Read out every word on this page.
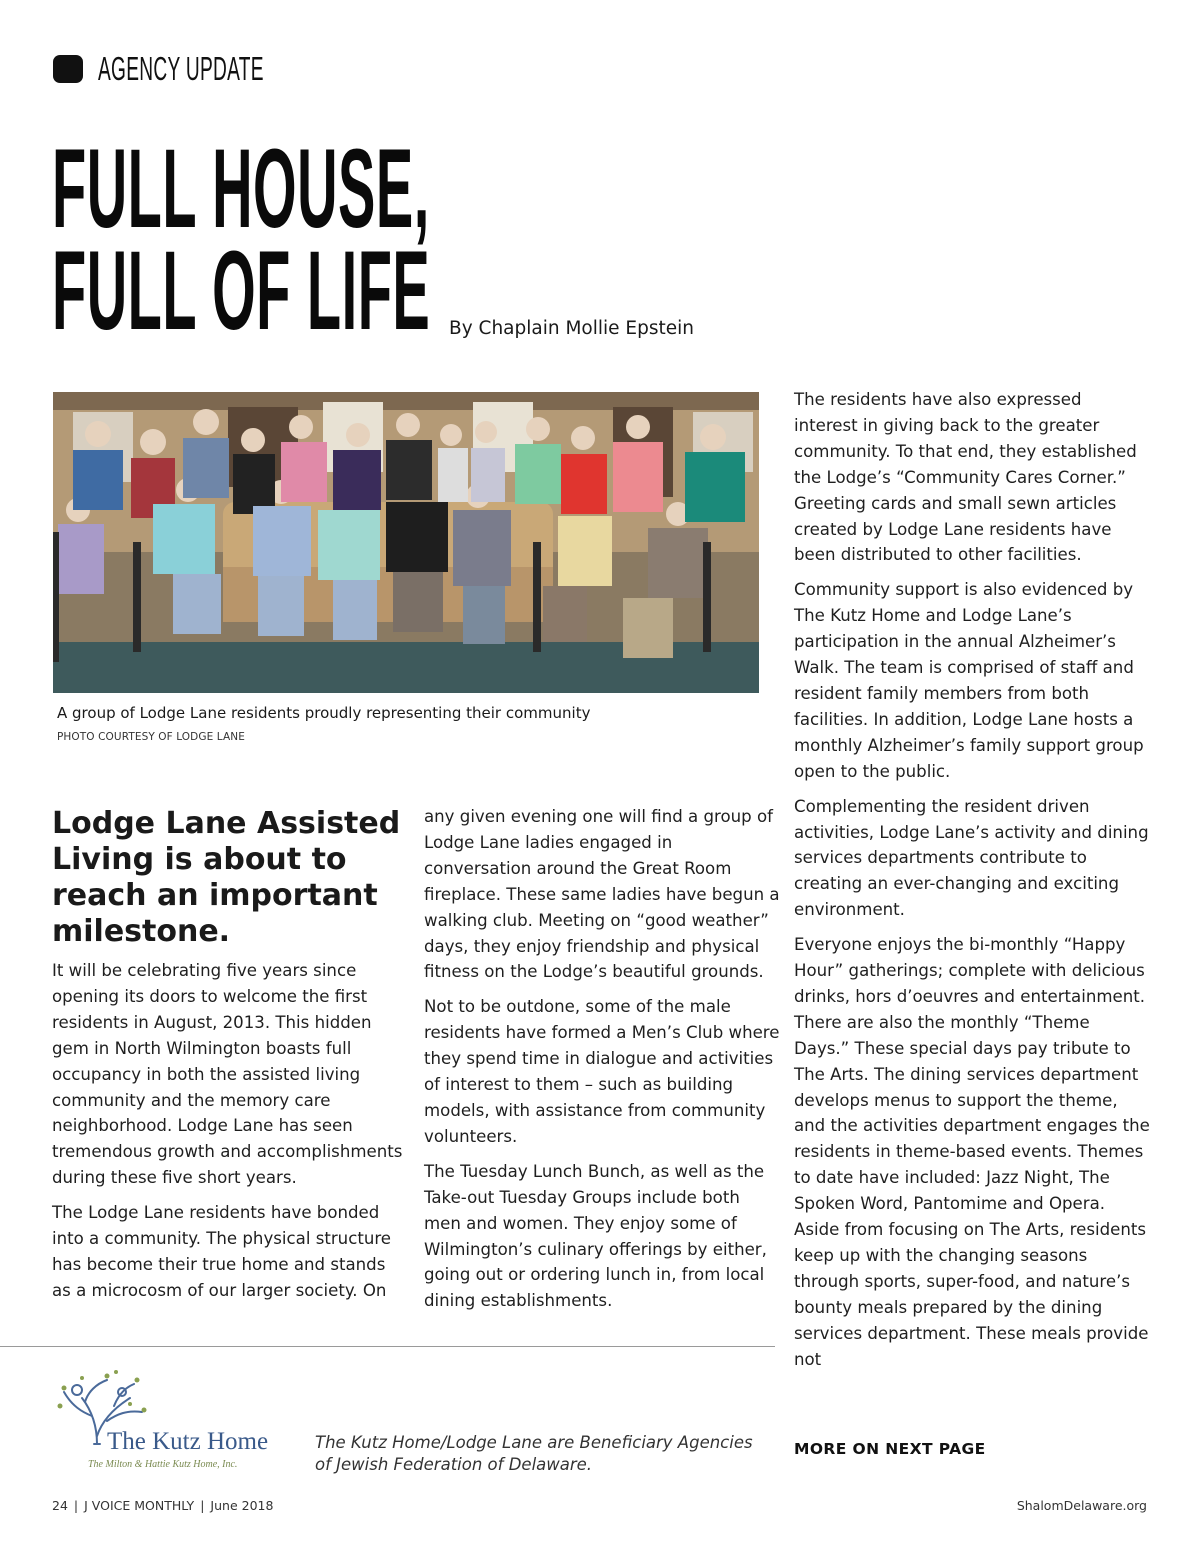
AGENCY UPDATE
FULL HOUSE,
FULL OF LIFE By Chaplain Mollie Epstein
A group of Lodge Lane residents proudly representing their community
PHOTO COURTESY OF LODGE LANE
Lodge Lane Assisted Living is about to reach an important milestone.

It will be celebrating five years since opening its doors to welcome the first residents in August, 2013. This hidden gem in North Wilmington boasts full occupancy in both the assisted living community and the memory care neighborhood. Lodge Lane has seen tremendous growth and accomplishments during these five short years.

The Lodge Lane residents have bonded into a community. The physical structure has become their true home and stands as a microcosm of our larger society. On

any given evening one will find a group of Lodge Lane ladies engaged in conversation around the Great Room fireplace. These same ladies have begun a walking club. Meeting on “good weather” days, they enjoy friendship and physical fitness on the Lodge’s beautiful grounds.

Not to be outdone, some of the male residents have formed a Men’s Club where they spend time in dialogue and activities of interest to them – such as building models, with assistance from community volunteers.

The Tuesday Lunch Bunch, as well as the Take-out Tuesday Groups include both men and women. They enjoy some of Wilmington’s culinary offerings by either, going out or ordering lunch in, from local dining establishments.

The residents have also expressed interest in giving back to the greater community. To that end, they established the Lodge’s “Community Cares Corner.” Greeting cards and small sewn articles created by Lodge Lane residents have been distributed to other facilities.

Community support is also evidenced by The Kutz Home and Lodge Lane’s participation in the annual Alzheimer’s Walk. The team is comprised of staff and resident family members from both facilities. In addition, Lodge Lane hosts a monthly Alzheimer’s family support group open to the public.

Complementing the resident driven activities, Lodge Lane’s activity and dining services departments contribute to creating an ever-changing and exciting environment.

Everyone enjoys the bi-monthly “Happy Hour” gatherings; complete with delicious drinks, hors d’oeuvres and entertainment. There are also the monthly “Theme Days.” These special days pay tribute to The Arts. The dining services department develops menus to support the theme, and the activities department engages the residents in theme-based events. Themes to date have included: Jazz Night, The Spoken Word, Pantomime and Opera. Aside from focusing on The Arts, residents keep up with the changing seasons through sports, super-food, and nature’s bounty meals prepared by the dining services department. These meals provide not

The Kutz Home
The Milton & Hattie Kutz Home, Inc.
The Kutz Home/Lodge Lane are Beneficiary Agencies
of Jewish Federation of Delaware.
MORE ON NEXT PAGE
24 | J VOICE MONTHLY | June 2018	ShalomDelaware.org
